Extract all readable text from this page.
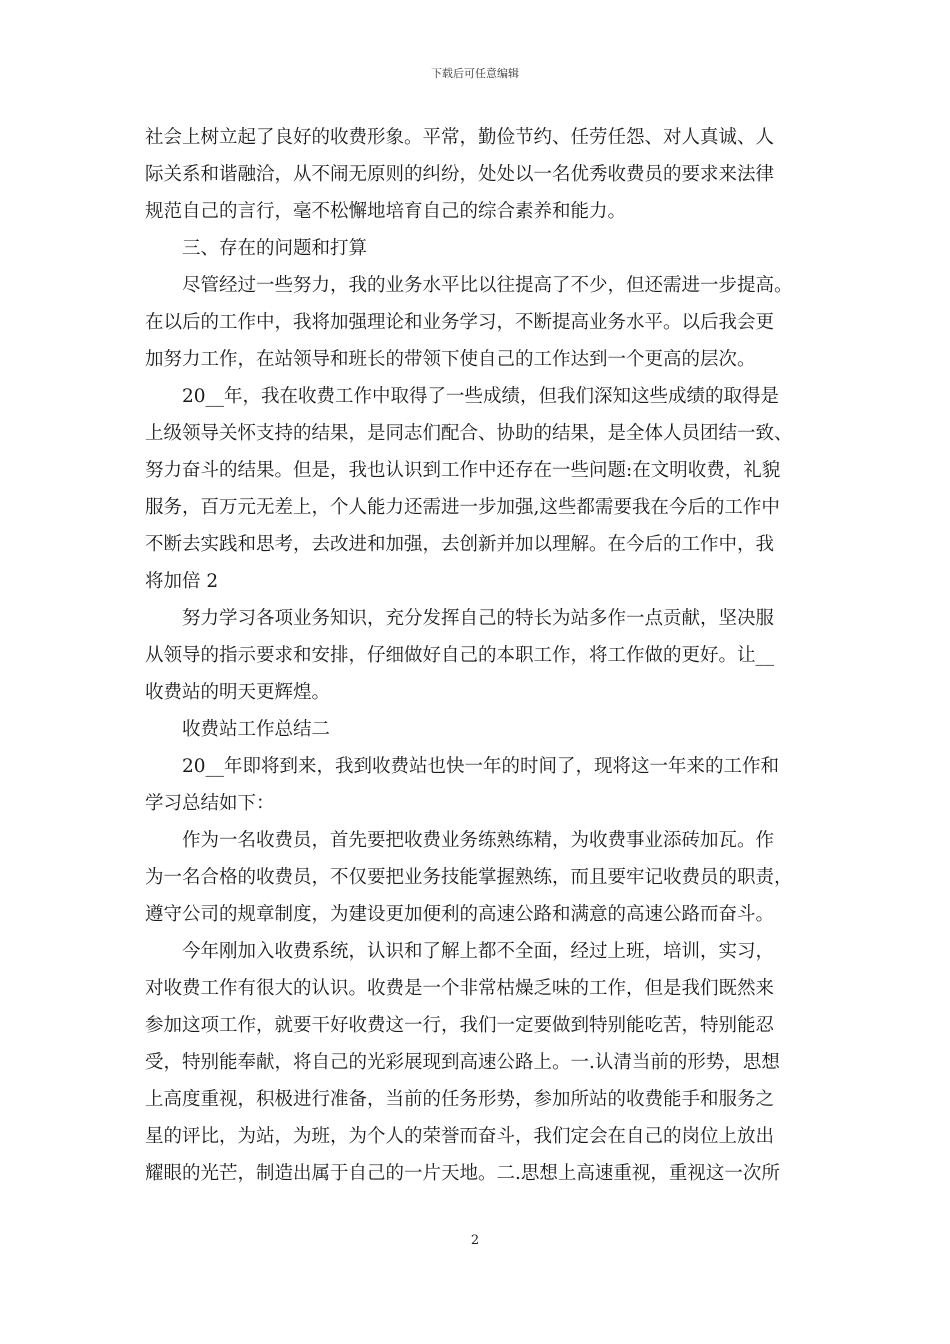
下载后可任意编辑
社会上树立起了良好的收费形象。平常，勤俭节约、任劳任怨、对人真诚、人
际关系和谐融洽，从不闹无原则的纠纷，处处以一名优秀收费员的要求来法律
规范自己的言行，毫不松懈地培育自己的综合素养和能力。
三、存在的问题和打算
尽管经过一些努力，我的业务水平比以往提高了不少，但还需进一步提高。
在以后的工作中，我将加强理论和业务学习，不断提高业务水平。以后我会更
加努力工作，在站领导和班长的带领下使自己的工作达到一个更高的层次。
20__年，我在收费工作中取得了一些成绩，但我们深知这些成绩的取得是
上级领导关怀支持的结果，是同志们配合、协助的结果，是全体人员团结一致、
努力奋斗的结果。但是，我也认识到工作中还存在一些问题:在文明收费，礼貌
服务，百万元无差上，个人能力还需进一步加强,这些都需要我在今后的工作中
不断去实践和思考，去改进和加强，去创新并加以理解。在今后的工作中，我
将加倍 2
努力学习各项业务知识，充分发挥自己的特长为站多作一点贡献，坚决服
从领导的指示要求和安排，仔细做好自己的本职工作，将工作做的更好。让__
收费站的明天更辉煌。
收费站工作总结二
20__年即将到来，我到收费站也快一年的时间了，现将这一年来的工作和
学习总结如下：
作为一名收费员，首先要把收费业务练熟练精，为收费事业添砖加瓦。作
为一名合格的收费员，不仅要把业务技能掌握熟练，而且要牢记收费员的职责，
遵守公司的规章制度，为建设更加便利的高速公路和满意的高速公路而奋斗。
今年刚加入收费系统，认识和了解上都不全面，经过上班，培训，实习，
对收费工作有很大的认识。收费是一个非常枯燥乏味的工作，但是我们既然来
参加这项工作，就要干好收费这一行，我们一定要做到特别能吃苦，特别能忍
受，特别能奉献，将自己的光彩展现到高速公路上。一.认清当前的形势，思想
上高度重视，积极进行准备，当前的任务形势，参加所站的收费能手和服务之
星的评比，为站，为班，为个人的荣誉而奋斗，我们定会在自己的岗位上放出
耀眼的光芒，制造出属于自己的一片天地。二.思想上高速重视，重视这一次所
2
